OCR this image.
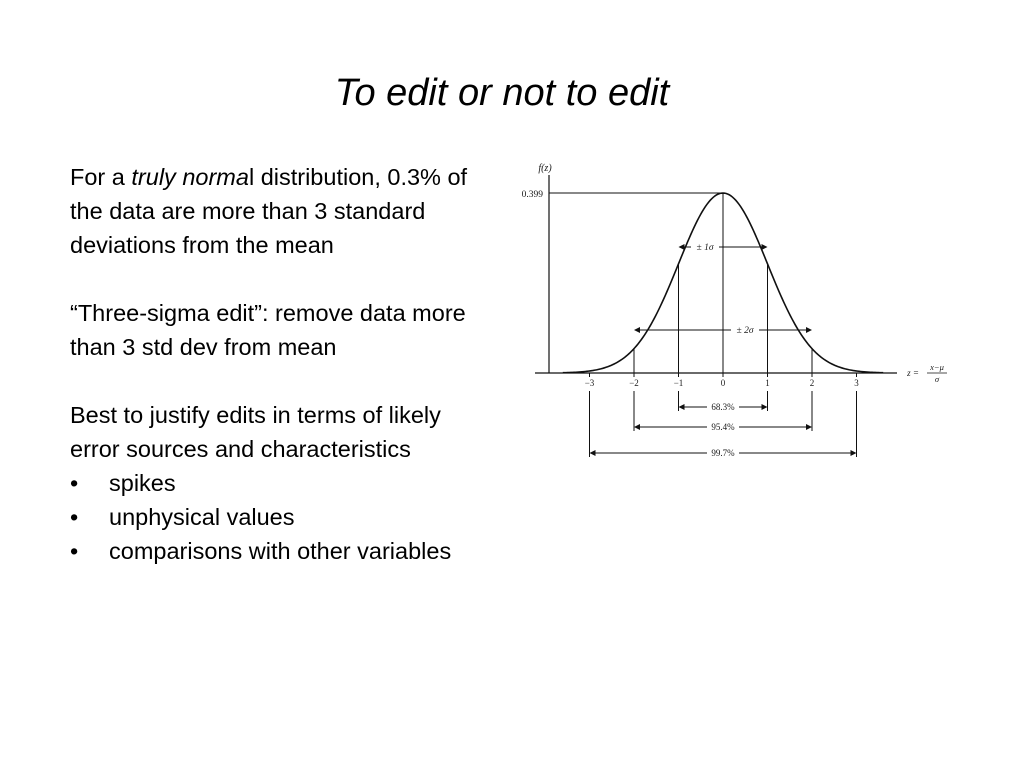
To edit or not to edit

For a truly normal distribution, 0.3% of the data are more than 3 standard deviations from the mean

“Three-sigma edit”: remove data more than 3 std dev from mean

Best to justify edits in terms of likely error sources and characteristics

• spikes
• unphysical values
• comparisons with other variables
f(z)
0.399
± 1σ
± 2σ
−3	−2	−1	0	1	2	3
z =
x−μ
σ
68.3%
95.4%
99.7%
